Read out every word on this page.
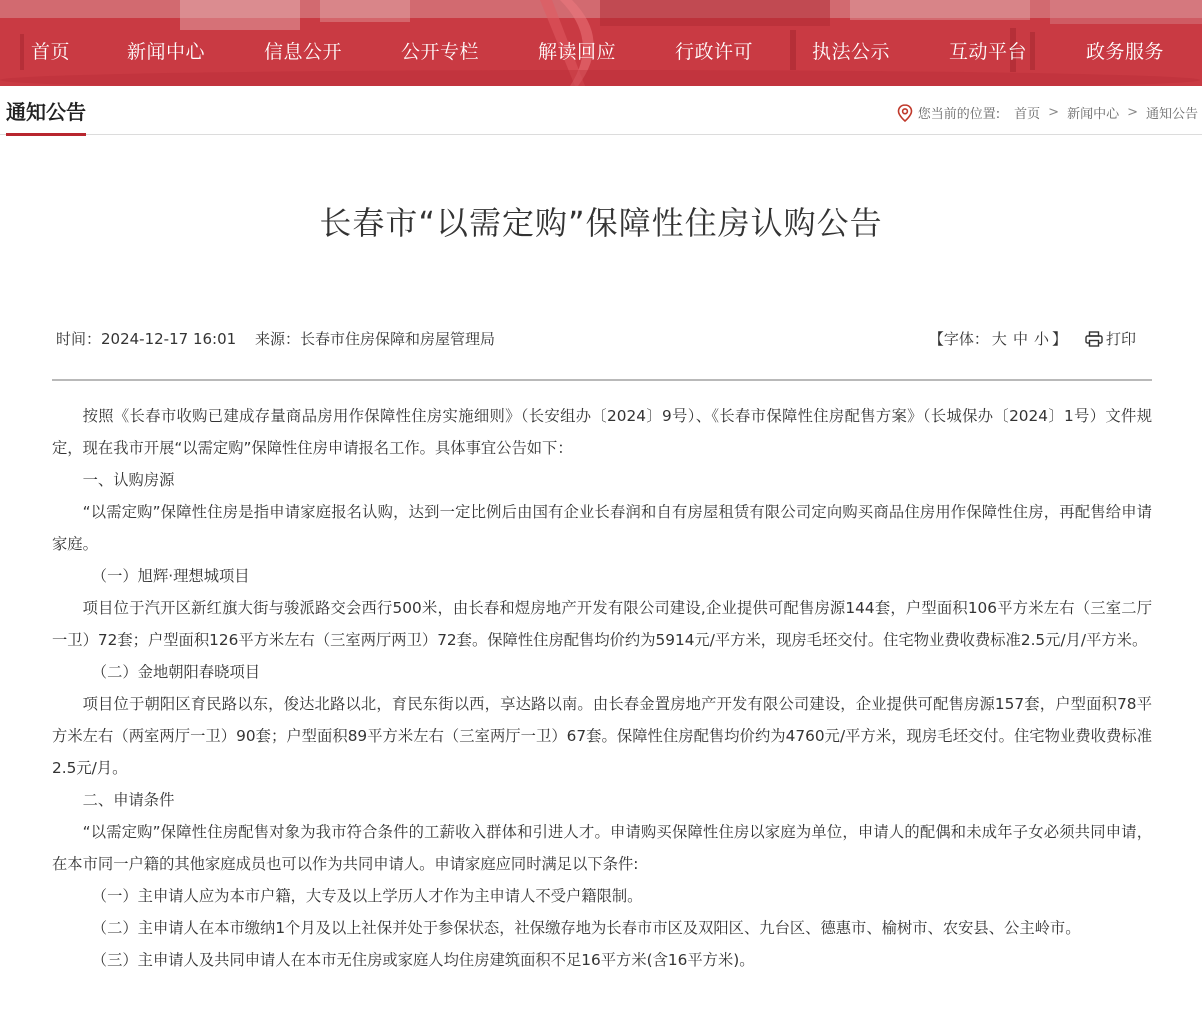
首页	新闻中心	信息公开	公开专栏	解读回应	行政许可	执法公示	互动平台	政务服务
通知公告	您当前的位置: 首页 > 新闻中心 > 通知公告
长春市“以需定购”保障性住房认购公告
时间：2024-12-17 16:01 来源：长春市住房保障和房屋管理局	【字体： 大 中 小 】	打印

按照《长春市收购已建成存量商品房用作保障性住房实施细则》（长安组办〔2024〕9号）、《长春市保障性住房配售方案》（长城保办〔2024〕1号）文件规定，现在我市开展“以需定购”保障性住房申请报名工作。具体事宜公告如下：

一、认购房源

“以需定购”保障性住房是指申请家庭报名认购，达到一定比例后由国有企业长春润和自有房屋租赁有限公司定向购买商品住房用作保障性住房，再配售给申请家庭。

（一）旭辉·理想城项目

项目位于汽开区新红旗大街与骏派路交会西行500米，由长春和煜房地产开发有限公司建设,企业提供可配售房源144套，户型面积106平方米左右（三室二厅一卫）72套；户型面积126平方米左右（三室两厅两卫）72套。保障性住房配售均价约为5914元/平方米，现房毛坯交付。住宅物业费收费标准2.5元/月/平方米。

（二）金地朝阳春晓项目

项目位于朝阳区育民路以东，俊达北路以北，育民东街以西，享达路以南。由长春金置房地产开发有限公司建设，企业提供可配售房源157套，户型面积78平方米左右（两室两厅一卫）90套；户型面积89平方米左右（三室两厅一卫）67套。保障性住房配售均价约为4760元/平方米，现房毛坯交付。住宅物业费收费标准2.5元/月。

二、申请条件

“以需定购”保障性住房配售对象为我市符合条件的工薪收入群体和引进人才。申请购买保障性住房以家庭为单位，申请人的配偶和未成年子女必须共同申请，在本市同一户籍的其他家庭成员也可以作为共同申请人。申请家庭应同时满足以下条件:

（一）主申请人应为本市户籍，大专及以上学历人才作为主申请人不受户籍限制。

（二）主申请人在本市缴纳1个月及以上社保并处于参保状态，社保缴存地为长春市市区及双阳区、九台区、德惠市、榆树市、农安县、公主岭市。

（三）主申请人及共同申请人在本市无住房或家庭人均住房建筑面积不足16平方米(含16平方米)。
